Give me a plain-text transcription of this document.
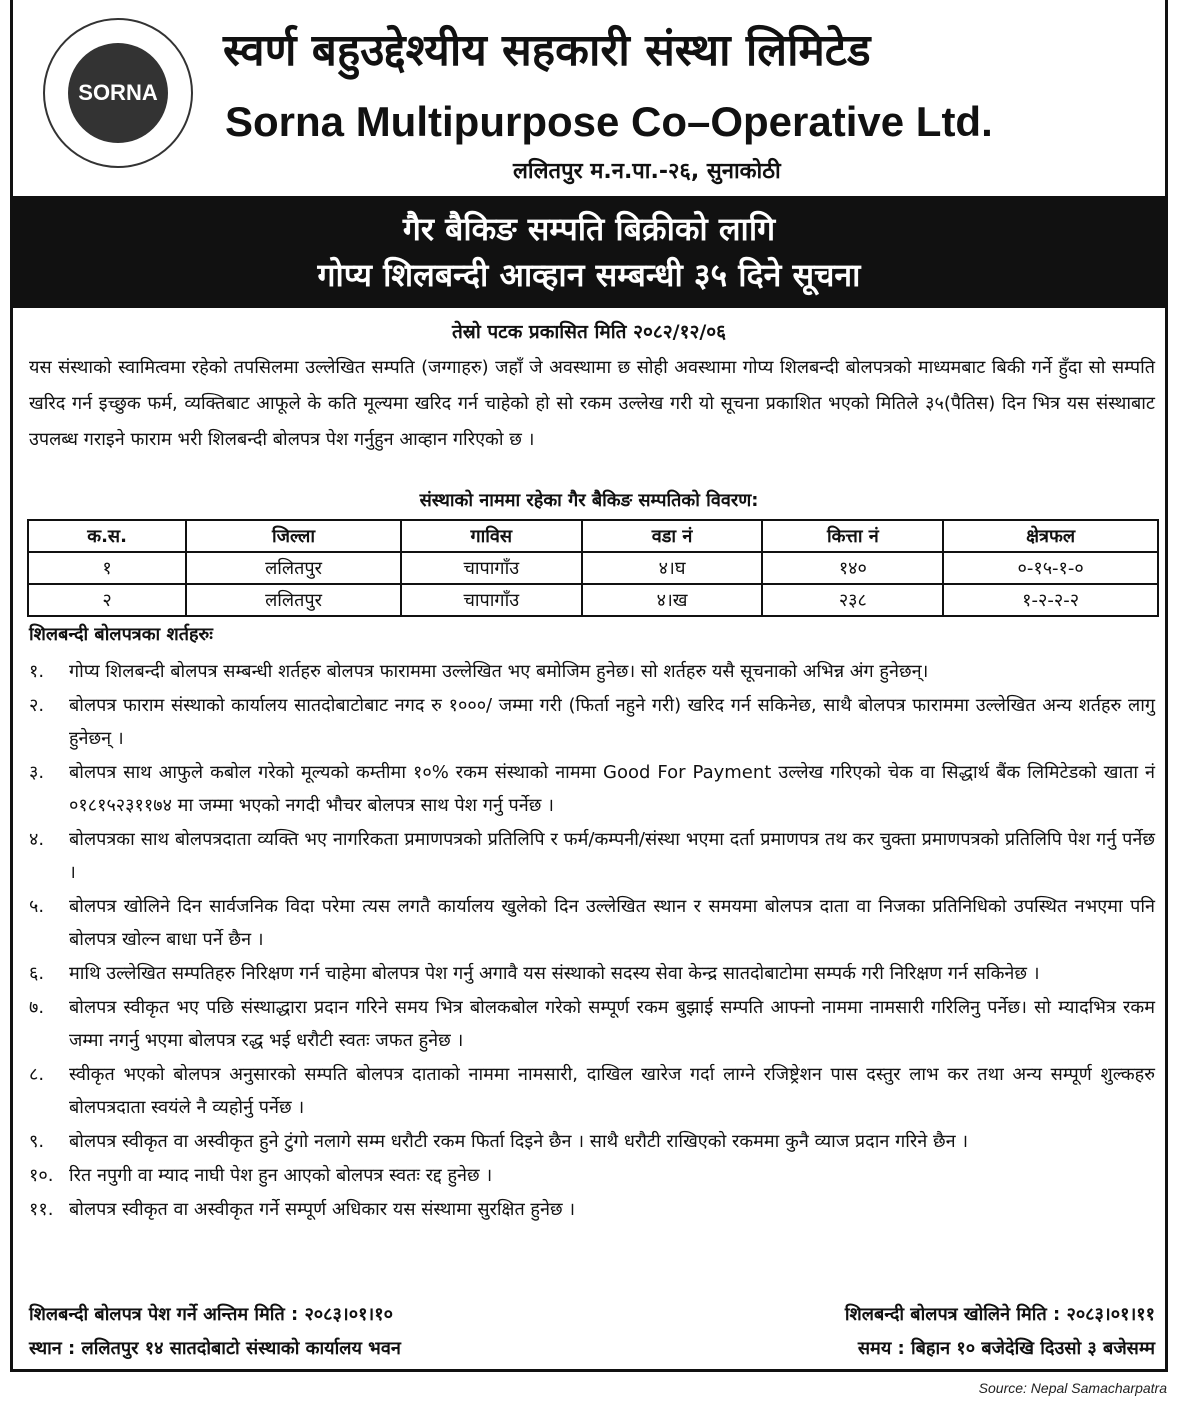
SORNA
स्वर्ण बहुउद्देश्यीय सहकारी संस्था लिमिटेड
Sorna Multipurpose Co–Operative Ltd.
ललितपुर म.न.पा.-२६, सुनाकोठी
गैर बैकिङ सम्पति बिक्रीको लागि
गोप्य शिलबन्दी आव्हान सम्बन्धी ३५ दिने सूचना
तेस्रो पटक प्रकासित मिति २०८२/१२/०६
यस संस्थाको स्वामित्वमा रहेको तपसिलमा उल्लेखित सम्पति (जग्गाहरु) जहाँ जे अवस्थामा छ सोही अवस्थामा गोप्य शिलबन्दी बोलपत्रको माध्यमबाट बिकी गर्ने हुँदा सो सम्पति खरिद गर्न इच्छुक फर्म, व्यक्तिबाट आफूले के कति मूल्यमा खरिद गर्न चाहेको हो सो रकम उल्लेख गरी यो सूचना प्रकाशित भएको मितिले ३५(पैतिस) दिन भित्र यस संस्थाबाट उपलब्ध गराइने फाराम भरी शिलबन्दी बोलपत्र पेश गर्नुहुन आव्हान गरिएको छ ।
संस्थाको नाममा रहेका गैर बैकिङ सम्पतिको विवरण:
क.स.	जिल्ला	गाविस	वडा नं	कित्ता नं	क्षेत्रफल
१	ललितपुर	चापागाँउ	४।घ	१४०	०-१५-१-०
२	ललितपुर	चापागाँउ	४।ख	२३८	१-२-२-२
शिलबन्दी बोलपत्रका शर्तहरुः
१.	गोप्य शिलबन्दी बोलपत्र सम्बन्धी शर्तहरु बोलपत्र फाराममा उल्लेखित भए बमोजिम हुनेछ। सो शर्तहरु यसै सूचनाको अभिन्न अंग हुनेछन्।
२.	बोलपत्र फाराम संस्थाको कार्यालय सातदोबाटोबाट नगद रु १०००/ जम्मा गरी (फिर्ता नहुने गरी) खरिद गर्न सकिनेछ, साथै बोलपत्र फाराममा उल्लेखित अन्य शर्तहरु लागु हुनेछन् ।
३.	बोलपत्र साथ आफुले कबोल गरेको मूल्यको कम्तीमा १०% रकम संस्थाको नाममा Good For Payment उल्लेख गरिएको चेक वा सिद्धार्थ बैंक लिमिटेडको खाता नं ०१८१५२३११७४ मा जम्मा भएको नगदी भौचर बोलपत्र साथ पेश गर्नु पर्नेछ ।
४.	बोलपत्रका साथ बोलपत्रदाता व्यक्ति भए नागरिकता प्रमाणपत्रको प्रतिलिपि र फर्म/कम्पनी/संस्था भएमा दर्ता प्रमाणपत्र तथ कर चुक्ता प्रमाणपत्रको प्रतिलिपि पेश गर्नु पर्नेछ ।
५.	बोलपत्र खोलिने दिन सार्वजनिक विदा परेमा त्यस लगतै कार्यालय खुलेको दिन उल्लेखित स्थान र समयमा बोलपत्र दाता वा निजका प्रतिनिधिको उपस्थित नभएमा पनि बोलपत्र खोल्न बाधा पर्ने छैन ।
६.	माथि उल्लेखित सम्पतिहरु निरिक्षण गर्न चाहेमा बोलपत्र पेश गर्नु अगावै यस संस्थाको सदस्य सेवा केन्द्र सातदोबाटोमा सम्पर्क गरी निरिक्षण गर्न सकिनेछ ।
७.	बोलपत्र स्वीकृत भए पछि संस्थाद्धारा प्रदान गरिने समय भित्र बोलकबोल गरेको सम्पूर्ण रकम बुझाई सम्पति आफ्नो नाममा नामसारी गरिलिनु पर्नेछ। सो म्यादभित्र रकम जम्मा नगर्नु भएमा बोलपत्र रद्ध भई धरौटी स्वतः जफत हुनेछ ।
८.	स्वीकृत भएको बोलपत्र अनुसारको सम्पति बोलपत्र दाताको नाममा नामसारी, दाखिल खारेज गर्दा लाग्ने रजिष्ट्रेशन पास दस्तुर लाभ कर तथा अन्य सम्पूर्ण शुल्कहरु बोलपत्रदाता स्वयंले नै व्यहोर्नु पर्नेछ ।
९.	बोलपत्र स्वीकृत वा अस्वीकृत हुने टुंगो नलागे सम्म धरौटी रकम फिर्ता दिइने छैन । साथै धरौटी राखिएको रकममा कुनै व्याज प्रदान गरिने छैन ।
१०. रित नपुगी वा म्याद नाघी पेश हुन आएको बोलपत्र स्वतः रद्द हुनेछ ।
११. बोलपत्र स्वीकृत वा अस्वीकृत गर्ने सम्पूर्ण अधिकार यस संस्थामा सुरक्षित हुनेछ ।
शिलबन्दी बोलपत्र पेश गर्ने अन्तिम मिति : २०८३।०१।१०	शिलबन्दी बोलपत्र खोलिने मिति : २०८३।०१।११
स्थान : ललितपुर १४ सातदोबाटो संस्थाको कार्यालय भवन	समय : बिहान १० बजेदेखि दिउसो ३ बजेसम्म
Source: Nepal Samacharpatra
